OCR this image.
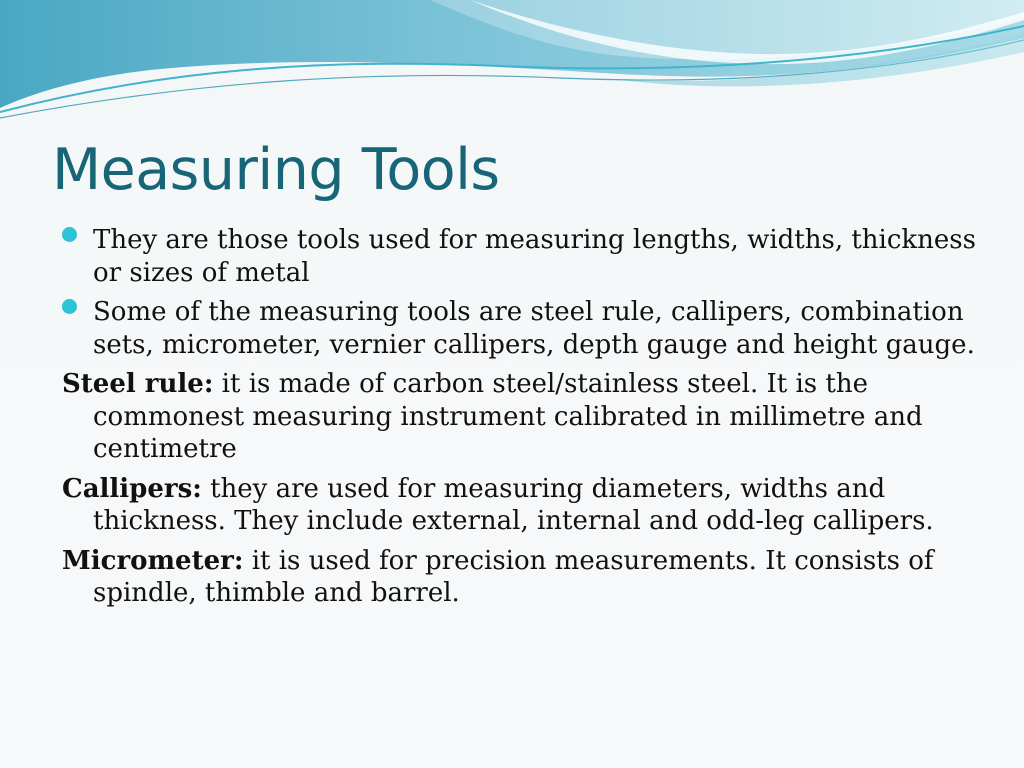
Measuring Tools

They are those tools used for measuring lengths, widths, thickness or sizes of metal

Some of the measuring tools are steel rule, callipers, combination sets, micrometer, vernier callipers, depth gauge and height gauge.

Steel rule: it is made of carbon steel/stainless steel. It is the commonest measuring instrument calibrated in millimetre and centimetre

Callipers: they are used for measuring diameters, widths and thickness. They include external, internal and odd-leg callipers.

Micrometer: it is used for precision measurements. It consists of spindle, thimble and barrel.
